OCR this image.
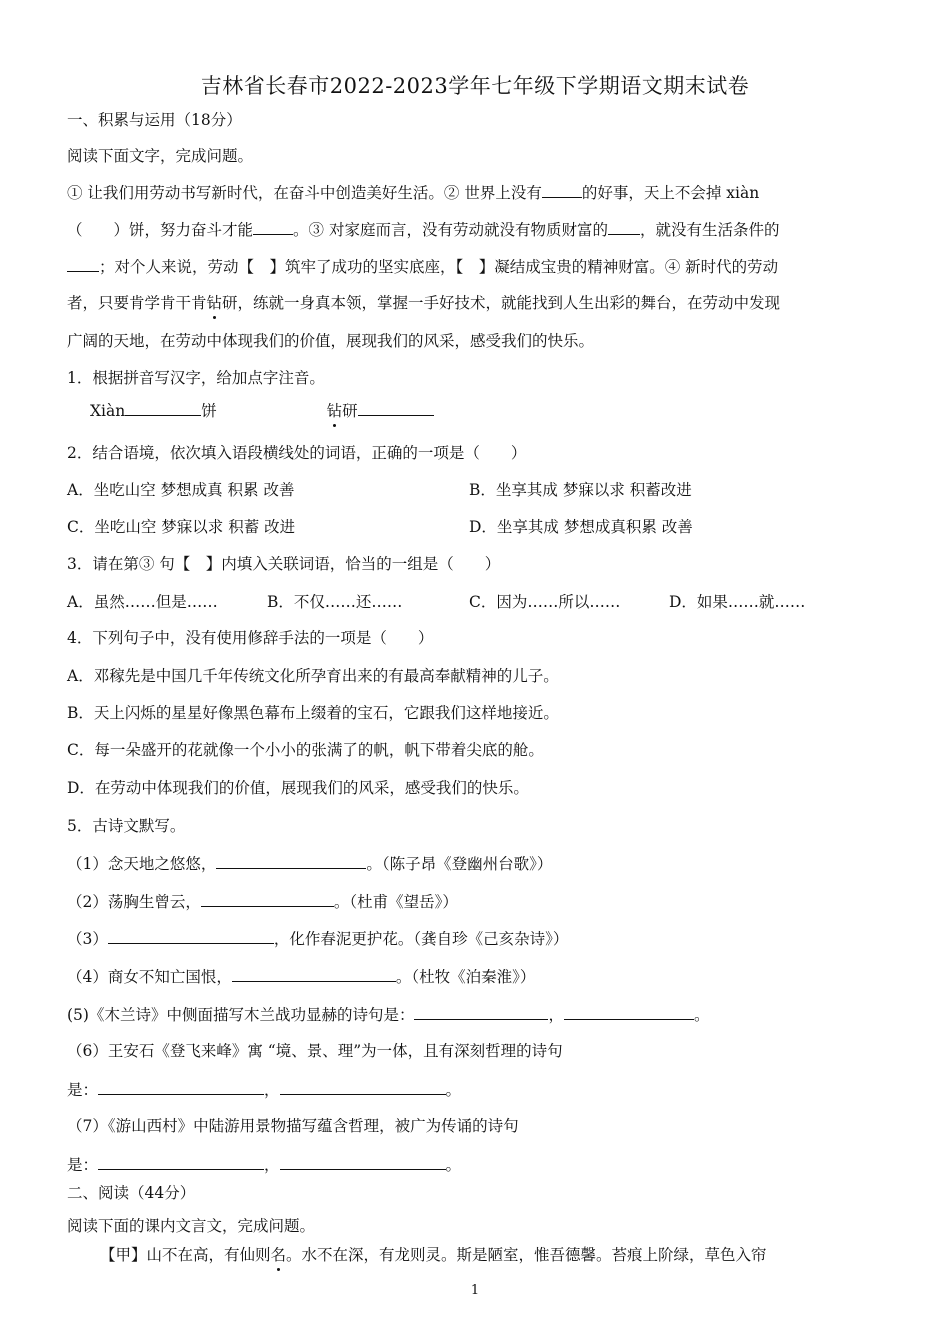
吉林省长春市2022-2023学年七年级下学期语文期末试卷
一、积累与运用（18分）
阅读下面文字，完成问题。
① 让我们用劳动书写新时代，在奋斗中创造美好生活。② 世界上没有	的好事，天上不会掉 xiàn
（　　）饼，努力奋斗才能	。③ 对家庭而言，没有劳动就没有物质财富的 ，就没有生活条件的
；对个人来说，劳动【　】筑牢了成功的坚实底座，【　】凝结成宝贵的精神财富。④ 新时代的劳动
者，只要肯学肯干肯钻研，练就一身真本领，掌握一手好技术，就能找到人生出彩的舞台，在劳动中发现
广阔的天地，在劳动中体现我们的价值，展现我们的风采，感受我们的快乐。
1．根据拼音写汉字，给加点字注音。
Xiàn	饼	钻研
2．结合语境，依次填入语段横线处的词语，正确的一项是（　　）
A．坐吃山空 梦想成真 积累 改善	B．坐享其成 梦寐以求 积蓄改进
C．坐吃山空 梦寐以求 积蓄 改进	D．坐享其成 梦想成真积累 改善
3．请在第③ 句【　】内填入关联词语，恰当的一组是（　　）
A．虽然……但是……	B．不仅……还……	C．因为……所以……	D．如果……就……
4．下列句子中，没有使用修辞手法的一项是（　　）
A．邓稼先是中国几千年传统文化所孕育出来的有最高奉献精神的儿子。
B．天上闪烁的星星好像黑色幕布上缀着的宝石，它跟我们这样地接近。
C．每一朵盛开的花就像一个小小的张满了的帆，帆下带着尖底的舱。
D．在劳动中体现我们的价值，展现我们的风采，感受我们的快乐。
5．古诗文默写。
（1）念天地之悠悠，	。（陈子昂《登幽州台歌》）
（2）荡胸生曾云，	。（杜甫《望岳》）
（3）	，化作春泥更护花。（龚自珍《己亥杂诗》）
（4）商女不知亡国恨，	。（杜牧《泊秦淮》）
(5)《木兰诗》中侧面描写木兰战功显赫的诗句是：	，	。
（6）王安石《登飞来峰》寓 “境、景、理”为一体，且有深刻哲理的诗句
是：	，	。
（7）《游山西村》中陆游用景物描写蕴含哲理，被广为传诵的诗句
是：	，	。
二、阅读（44分）
阅读下面的课内文言文，完成问题。
【甲】山不在高，有仙则名。水不在深，有龙则灵。斯是陋室，惟吾德馨。苔痕上阶绿，草色入帘
1
